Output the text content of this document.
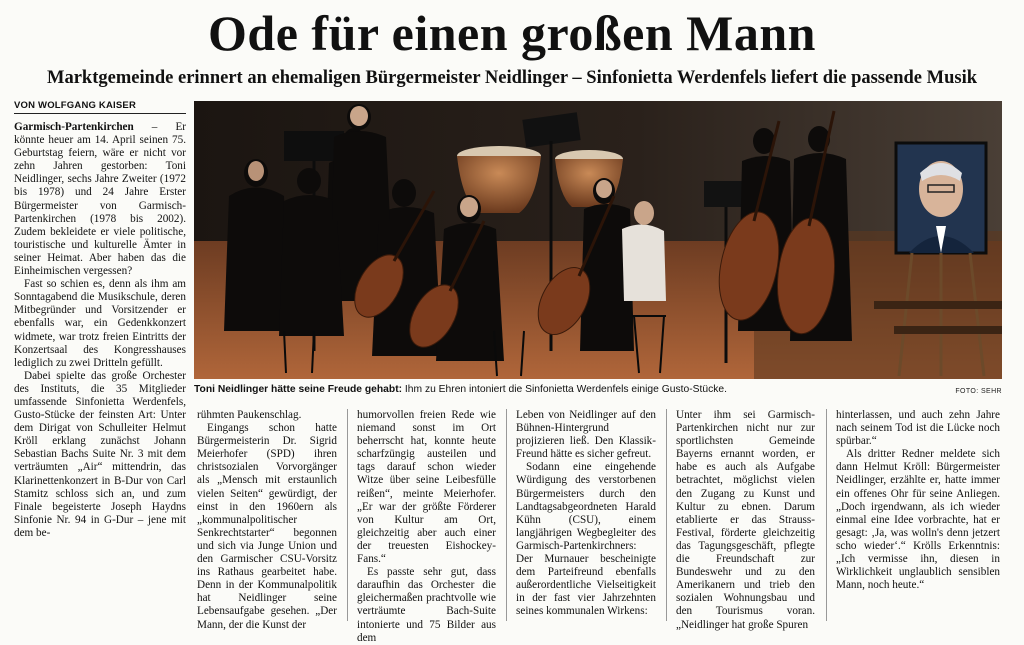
Ode für einen großen Mann
Marktgemeinde erinnert an ehemaligen Bürgermeister Neidlinger – Sinfonietta Werdenfels liefert die passende Musik
VON WOLFGANG KAISER

Garmisch-Partenkirchen – Er könnte heuer am 14. April seinen 75. Geburtstag feiern, wäre er nicht vor zehn Jahren gestorben: Toni Neidlinger, sechs Jahre Zweiter (1972 bis 1978) und 24 Jahre Erster Bürgermeister von Garmisch-Partenkirchen (1978 bis 2002). Zudem bekleidete er viele politische, touristische und kulturelle Ämter in seiner Heimat. Aber haben das die Einheimischen vergessen?

Fast so schien es, denn als ihm am Sonntagabend die Musikschule, deren Mitbegründer und Vorsitzender er ebenfalls war, ein Gedenkkonzert widmete, war trotz freien Eintritts der Konzertsaal des Kongresshauses lediglich zu zwei Dritteln gefüllt.

Dabei spielte das große Orchester des Instituts, die 35 Mitglieder umfassende Sinfonietta Werdenfels, Gusto-Stücke der feinsten Art: Unter dem Dirigat von Schulleiter Helmut Kröll erklang zunächst Johann Sebastian Bachs Suite Nr. 3 mit dem verträumten „Air“ mittendrin, das Klarinettenkonzert in B-Dur von Carl Stamitz schloss sich an, und zum Finale begeisterte Joseph Haydns Sinfonie Nr. 94 in G-Dur – jene mit dem be-

Toni Neidlinger hätte seine Freude gehabt: Ihm zu Ehren intoniert die Sinfonietta Werdenfels einige Gusto-Stücke.	FOTO: SEHR

rühmten Paukenschlag.

Eingangs schon hatte Bürgermeisterin Dr. Sigrid Meierhofer (SPD) ihren christsozialen Vorvorgänger als „Mensch mit erstaunlich vielen Seiten“ gewürdigt, der einst in den 1960ern als „kommunalpolitischer Senkrechtstarter“ begonnen und sich via Junge Union und den Garmischer CSU-Vorsitz ins Rathaus gearbeitet habe. Denn in der Kommunalpolitik hat Neidlinger seine Lebensaufgabe gesehen. „Der Mann, der die Kunst der

humorvollen freien Rede wie niemand sonst im Ort beherrscht hat, konnte heute scharfzüngig austeilen und tags darauf schon wieder Witze über seine Leibesfülle reißen“, meinte Meierhofer. „Er war der größte Förderer von Kultur am Ort, gleichzeitig aber auch einer der treuesten Eishockey-Fans.“

Es passte sehr gut, dass daraufhin das Orchester die gleichermaßen prachtvolle wie verträumte Bach-Suite intonierte und 75 Bilder aus dem

Leben von Neidlinger auf den Bühnen-Hintergrund projizieren ließ. Den Klassik-Freund hätte es sicher gefreut.

Sodann eine eingehende Würdigung des verstorbenen Bürgermeisters durch den Landtagsabgeordneten Harald Kühn (CSU), einem langjährigen Wegbegleiter des Garmisch-Partenkirchners: Der Murnauer bescheinigte dem Parteifreund ebenfalls außerordentliche Vielseitigkeit in der fast vier Jahrzehnten seines kommunalen Wirkens:

Unter ihm sei Garmisch-Partenkirchen nicht nur zur sportlichsten Gemeinde Bayerns ernannt worden, er habe es auch als Aufgabe betrachtet, möglichst vielen den Zugang zu Kunst und Kultur zu ebnen. Darum etablierte er das Strauss-Festival, förderte gleichzeitig das Tagungsgeschäft, pflegte die Freundschaft zur Bundeswehr und zu den Amerikanern und trieb den sozialen Wohnungsbau und den Tourismus voran. „Neidlinger hat große Spuren

hinterlassen, und auch zehn Jahre nach seinem Tod ist die Lücke noch spürbar.“

Als dritter Redner meldete sich dann Helmut Kröll: Bürgermeister Neidlinger, erzählte er, hatte immer ein offenes Ohr für seine Anliegen. „Doch irgendwann, als ich wieder einmal eine Idee vorbrachte, hat er gesagt: ‚Ja, was wolln's denn jetzert scho wieder‘.“ Krölls Erkenntnis: „Ich vermisse ihn, diesen in Wirklichkeit unglaublich sensiblen Mann, noch heute.“
